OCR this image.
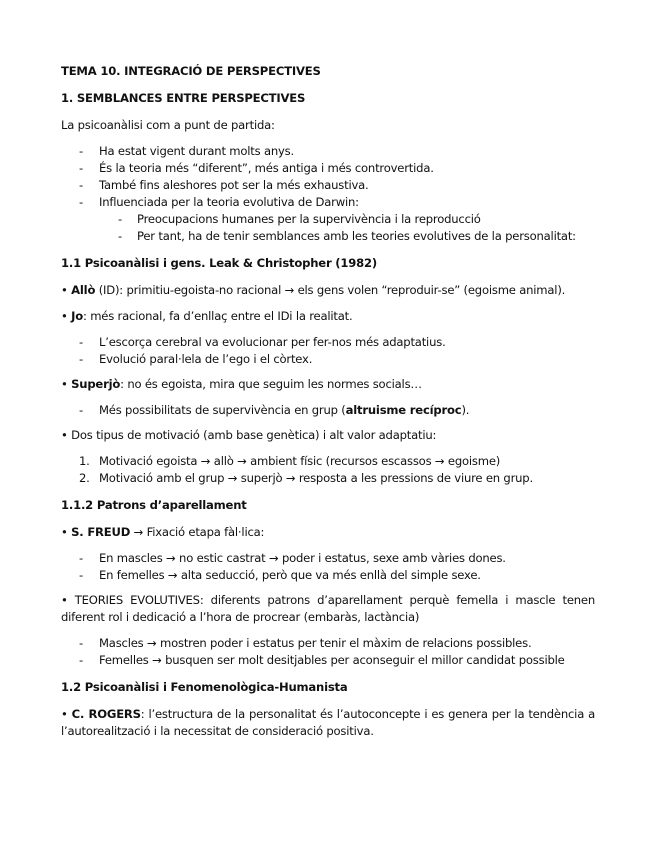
TEMA 10. INTEGRACIÓ DE PERSPECTIVES
1. SEMBLANCES ENTRE PERSPECTIVES

La psicoanàlisi com a punt de partida:

- Ha estat vigent durant molts anys.
- És la teoria més “diferent”, més antiga i més controvertida.
- També fins aleshores pot ser la més exhaustiva.
- Influenciada per la teoria evolutiva de Darwin:
- Preocupacions humanes per la supervivència i la reproducció
- Per tant, ha de tenir semblances amb les teories evolutives de la personalitat:
1.1 Psicoanàlisi i gens. Leak & Christopher (1982)

• Allò (ID): primitiu-egoista-no racional → els gens volen “reproduir-se” (egoisme animal).

• Jo: més racional, fa d’enllaç entre el IDi la realitat.

- L’escorça cerebral va evolucionar per fer-nos més adaptatius.
- Evolució paral·lela de l’ego i el còrtex.

• Superjò: no és egoista, mira que seguim les normes socials…

- Més possibilitats de supervivència en grup (altruisme recíproc).

• Dos tipus de motivació (amb base genètica) i alt valor adaptatiu:

1. Motivació egoista → allò → ambient físic (recursos escassos → egoisme)
2. Motivació amb el grup → superjò → resposta a les pressions de viure en grup.
1.1.2 Patrons d’aparellament

• S. FREUD → Fixació etapa fàl·lica:

- En mascles → no estic castrat → poder i estatus, sexe amb vàries dones.
- En femelles → alta seducció, però que va més enllà del simple sexe.

• TEORIES EVOLUTIVES: diferents patrons d’aparellament perquè femella i mascle tenen diferent rol i dedicació a l’hora de procrear (embaràs, lactància)

- Mascles → mostren poder i estatus per tenir el màxim de relacions possibles.
- Femelles → busquen ser molt desitjables per aconseguir el millor candidat possible
1.2 Psicoanàlisi i Fenomenològica-Humanista

• C. ROGERS: l’estructura de la personalitat és l’autoconcepte i es genera per la tendència a l’autorealització i la necessitat de consideració positiva.
